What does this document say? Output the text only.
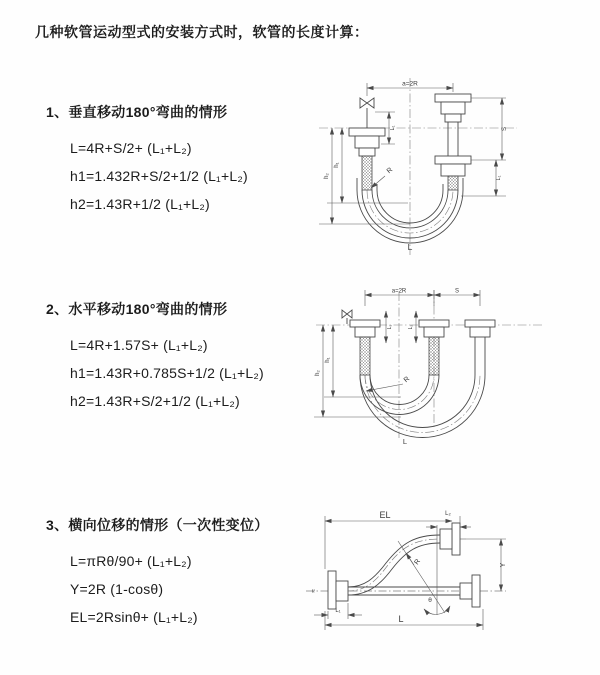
几种软管运动型式的安装方式时，软管的长度计算：
1、垂直移动180°弯曲的情形
L=4R+S/2+ (L₁+L₂)
h1=1.432R+S/2+1/2 (L₁+L₂)
h2=1.43R+1/2 (L₁+L₂)
2、水平移动180°弯曲的情形
L=4R+1.57S+ (L₁+L₂)
h1=1.43R+0.785S+1/2 (L₁+L₂)
h2=1.43R+S/2+1/2 (L₁+L₂)
3、横向位移的情形（一次性变位）
L=πRθ/90+ (L₁+L₂)
Y=2R (1-cosθ)
EL=2Rsinθ+ (L₁+L₂)
a=2R
S
L₁
L₁
h₁
h₂
R
L
a=2R	S
h₁
h₂
L₁	L₂
R
L
EL	L₂
Y
θ
R
L₁
L
≈
